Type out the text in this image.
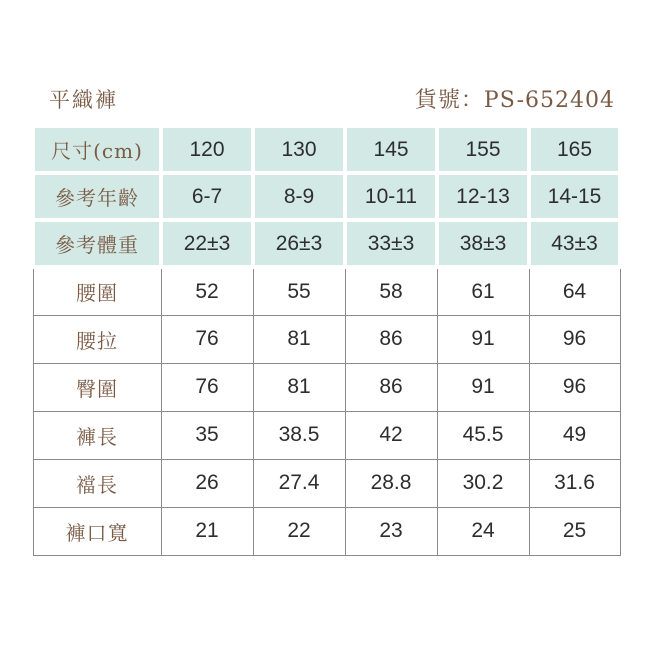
平織褲	貨號：PS-652404
尺寸(cm)	120	130	145	155	165
參考年齡	6-7	8-9	10-11	12-13	14-15
參考體重	22±3	26±3	33±3	38±3	43±3
腰圍	52	55	58	61	64
腰拉	76	81	86	91	96
臀圍	76	81	86	91	96
褲長	35	38.5	42	45.5	49
襠長	26	27.4	28.8	30.2	31.6
褲口寬	21	22	23	24	25
